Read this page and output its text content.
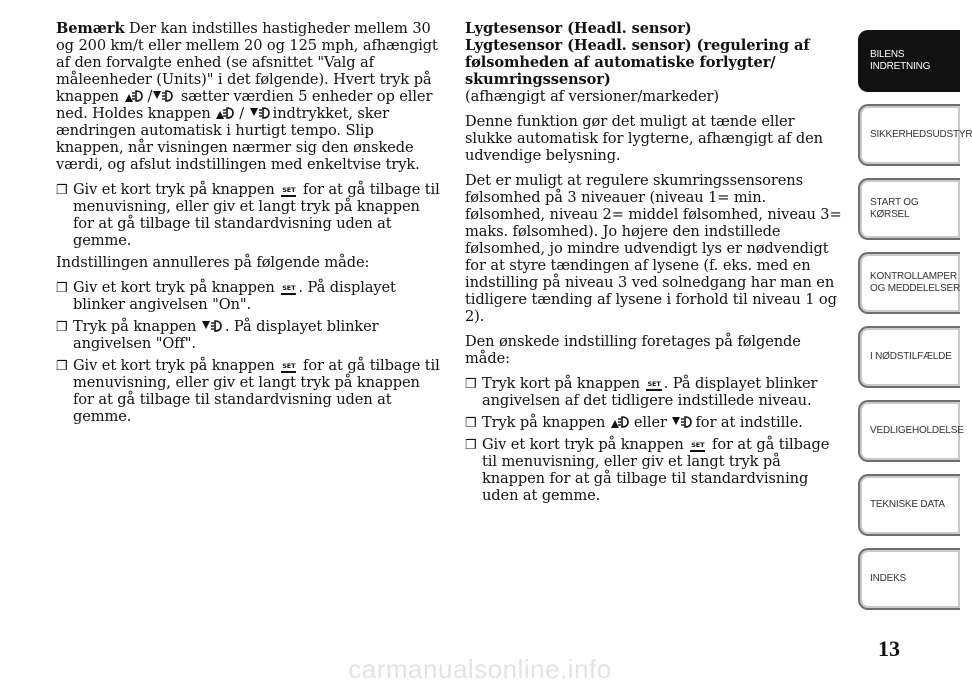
Bemærk Der kan indstilles hastigheder mellem 30 og 200 km/t eller mellem 20 og 125 mph, afhængigt af den forvalgte enhed (se afsnittet "Valg af måleenheder (Units)" i det følgende). Hvert tryk på knappen / sætter værdien 5 enheder op eller ned. Holdes knappen / indtrykket, sker ændringen automatisk i hurtigt tempo. Slip knappen, når visningen nærmer sig den ønskede værdi, og afslut indstillingen med enkeltvise tryk.

❒ Giv et kort tryk på knappen SET for at gå tilbage til menuvisning, eller giv et langt tryk på knappen for at gå tilbage til standardvisning uden at gemme.

Indstillingen annulleres på følgende måde:

❒ Giv et kort tryk på knappen SET . På displayet blinker angivelsen "On".
❒ Tryk på knappen . På displayet blinker angivelsen "Off".
❒ Giv et kort tryk på knappen SET for at gå tilbage til menuvisning, eller giv et langt tryk på knappen for at gå tilbage til standardvisning uden at gemme.

Lygtesensor (Headl. sensor)

Lygtesensor (Headl. sensor) (regulering af følsomheden af automatiske forlygter/ skumringssensor)

(afhængigt af versioner/markeder)

Denne funktion gør det muligt at tænde eller slukke automatisk for lygterne, afhængigt af den udvendige belysning.

Det er muligt at regulere skumringssensorens følsomhed på 3 niveauer (niveau 1= min. følsomhed, niveau 2= middel følsomhed, niveau 3= maks. følsomhed). Jo højere den indstillede følsomhed, jo mindre udvendigt lys er nødvendigt for at styre tændingen af lysene (f. eks. med en indstilling på niveau 3 ved solnedgang har man en tidligere tænding af lysene i forhold til niveau 1 og 2).

Den ønskede indstilling foretages på følgende måde:

❒ Tryk kort på knappen SET . På displayet blinker angivelsen af det tidligere indstillede niveau.
❒ Tryk på knappen eller for at indstille.
❒ Giv et kort tryk på knappen SET for at gå tilbage til menuvisning, eller giv et langt tryk på knappen for at gå tilbage til standardvisning uden at gemme.
BILENS INDRETNING
SIKKERHEDSUDSTYR
START OG KØRSEL
KONTROLLAMPER OG MEDDELELSER
I NØDSTILFÆLDE
VEDLIGEHOLDELSE
TEKNISKE DATA
INDEKS
13
carmanualsonline.info
